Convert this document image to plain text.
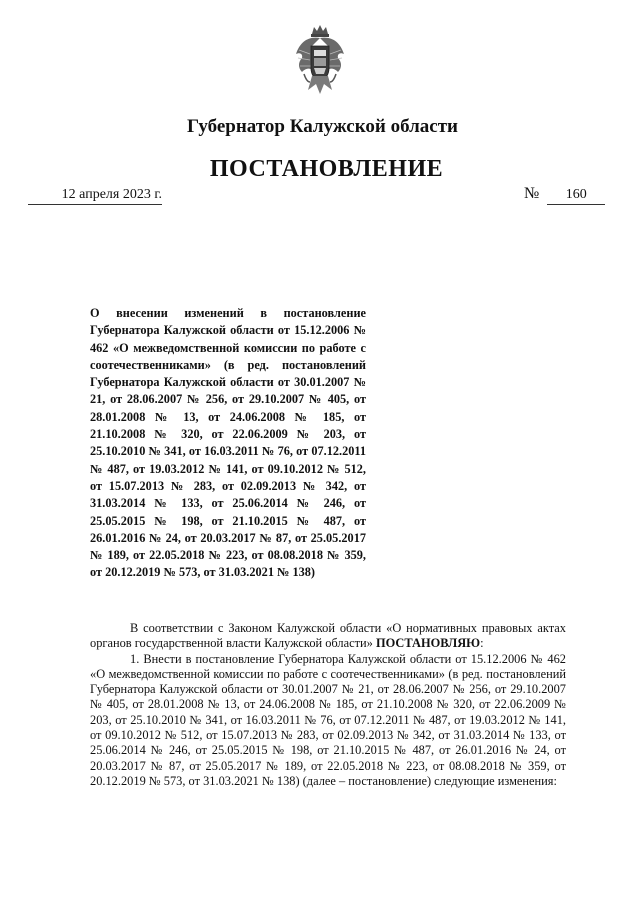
Губернатор Калужской области
ПОСТАНОВЛЕНИЕ
12 апреля 2023 г.	№ 160
О внесении изменений в постановление Губернатора Калужской области от 15.12.2006 № 462 «О межведомственной комиссии по работе с соотечественниками» (в ред. постановлений Губернатора Калужской области от 30.01.2007 № 21, от 28.06.2007 № 256, от 29.10.2007 № 405, от 28.01.2008 № 13, от 24.06.2008 № 185, от 21.10.2008 № 320, от 22.06.2009 № 203, от 25.10.2010 № 341, от 16.03.2011 № 76, от 07.12.2011 № 487, от 19.03.2012 № 141, от 09.10.2012 № 512, от 15.07.2013 № 283, от 02.09.2013 № 342, от 31.03.2014 № 133, от 25.06.2014 № 246, от 25.05.2015 № 198, от 21.10.2015 № 487, от 26.01.2016 № 24, от 20.03.2017 № 87, от 25.05.2017 № 189, от 22.05.2018 № 223, от 08.08.2018 № 359,
от 20.12.2019 № 573, от 31.03.2021 № 138)

В соответствии с Законом Калужской области «О нормативных правовых актах органов государственной власти Калужской области» ПОСТАНОВЛЯЮ:

1. Внести в постановление Губернатора Калужской области от 15.12.2006 № 462 «О межведомственной комиссии по работе с соотечественниками» (в ред. постановлений Губернатора Калужской области от 30.01.2007 № 21, от 28.06.2007 № 256, от 29.10.2007 № 405, от 28.01.2008 № 13, от 24.06.2008 № 185, от 21.10.2008 № 320, от 22.06.2009 № 203, от 25.10.2010 № 341, от 16.03.2011 № 76, от 07.12.2011 № 487, от 19.03.2012 № 141, от 09.10.2012 № 512, от 15.07.2013 № 283, от 02.09.2013 № 342, от 31.03.2014 № 133, от 25.06.2014 № 246, от 25.05.2015 № 198, от 21.10.2015 № 487, от 26.01.2016 № 24, от 20.03.2017 № 87, от 25.05.2017 № 189, от 22.05.2018 № 223, от 08.08.2018 № 359, от 20.12.2019 № 573, от 31.03.2021 № 138) (далее – постановление) следующие изменения:
